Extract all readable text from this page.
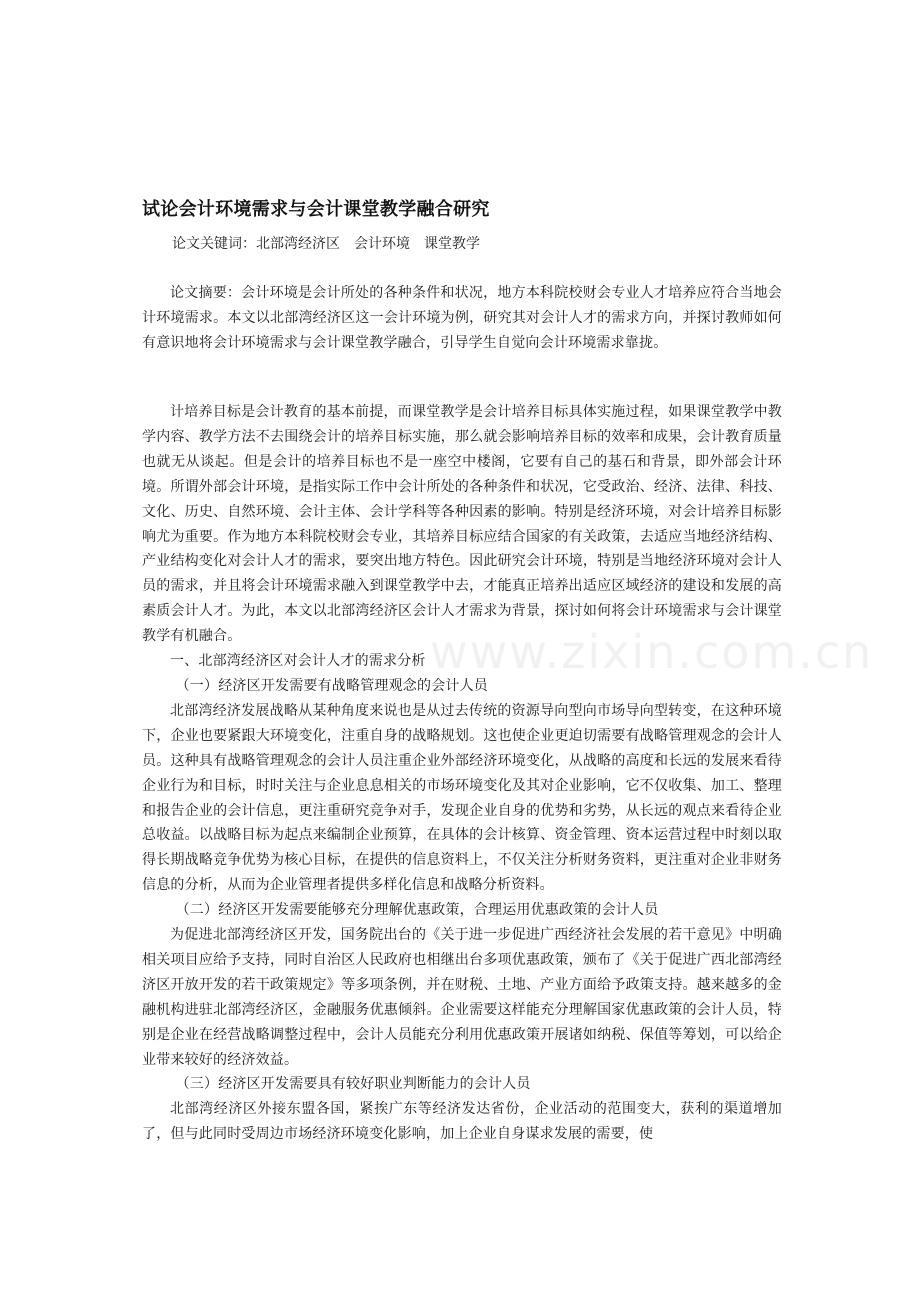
试论会计环境需求与会计课堂教学融合研究
论文关键词：北部湾经济区 会计环境 课堂教学

论文摘要：会计环境是会计所处的各种条件和状况，地方本科院校财会专业人才培养应符合当地会计环境需求。本文以北部湾经济区这一会计环境为例，研究其对会计人才的需求方向，并探讨教师如何有意识地将会计环境需求与会计课堂教学融合，引导学生自觉向会计环境需求靠拢。

计培养目标是会计教育的基本前提，而课堂教学是会计培养目标具体实施过程，如果课堂教学中教学内容、教学方法不去围绕会计的培养目标实施，那么就会影响培养目标的效率和成果，会计教育质量也就无从谈起。但是会计的培养目标也不是一座空中楼阁，它要有自己的基石和背景，即外部会计环境。所谓外部会计环境，是指实际工作中会计所处的各种条件和状况，它受政治、经济、法律、科技、文化、历史、自然环境、会计主体、会计学科等各种因素的影响。特别是经济环境，对会计培养目标影响尤为重要。作为地方本科院校财会专业，其培养目标应结合国家的有关政策，去适应当地经济结构、产业结构变化对会计人才的需求，要突出地方特色。因此研究会计环境，特别是当地经济环境对会计人员的需求，并且将会计环境需求融入到课堂教学中去，才能真正培养出适应区域经济的建设和发展的高素质会计人才。为此，本文以北部湾经济区会计人才需求为背景，探讨如何将会计环境需求与会计课堂教学有机融合。

一、北部湾经济区对会计人才的需求分析

（一）经济区开发需要有战略管理观念的会计人员

北部湾经济发展战略从某种角度来说也是从过去传统的资源导向型向市场导向型转变，在这种环境下，企业也要紧跟大环境变化，注重自身的战略规划。这也使企业更迫切需要有战略管理观念的会计人员。这种具有战略管理观念的会计人员注重企业外部经济环境变化，从战略的高度和长远的发展来看待企业行为和目标，时时关注与企业息息相关的市场环境变化及其对企业影响，它不仅收集、加工、整理和报告企业的会计信息，更注重研究竞争对手，发现企业自身的优势和劣势，从长远的观点来看待企业总收益。以战略目标为起点来编制企业预算，在具体的会计核算、资金管理、资本运营过程中时刻以取得长期战略竞争优势为核心目标，在提供的信息资料上，不仅关注分析财务资料，更注重对企业非财务信息的分析，从而为企业管理者提供多样化信息和战略分析资料。

（二）经济区开发需要能够充分理解优惠政策，合理运用优惠政策的会计人员

为促进北部湾经济区开发，国务院出台的《关于进一步促进广西经济社会发展的若干意见》中明确相关项目应给予支持，同时自治区人民政府也相继出台多项优惠政策，颁布了《关于促进广西北部湾经济区开放开发的若干政策规定》等多项条例，并在财税、土地、产业方面给予政策支持。越来越多的金融机构进驻北部湾经济区，金融服务优惠倾斜。企业需要这样能充分理解国家优惠政策的会计人员，特别是企业在经营战略调整过程中，会计人员能充分利用优惠政策开展诸如纳税、保值等筹划，可以给企业带来较好的经济效益。

（三）经济区开发需要具有较好职业判断能力的会计人员

北部湾经济区外接东盟各国，紧挨广东等经济发达省份，企业活动的范围变大，获利的渠道增加了，但与此同时受周边市场经济环境变化影响，加上企业自身谋求发展的需要，使

www.zixin.com.cn
